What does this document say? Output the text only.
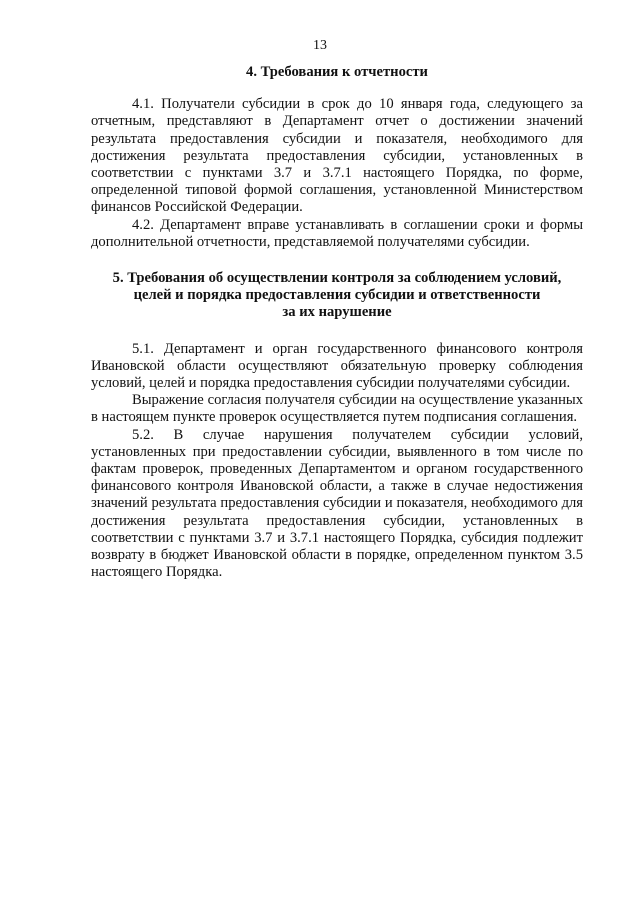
13
4. Требования к отчетности

4.1. Получатели субсидии в срок до 10 января года, следующего за отчетным, представляют в Департамент отчет о достижении значений результата предоставления субсидии и показателя, необходимого для достижения результата предоставления субсидии, установленных в соответствии с пунктами 3.7 и 3.7.1 настоящего Порядка, по форме, определенной типовой формой соглашения, установленной Министерством финансов Российской Федерации.

4.2. Департамент вправе устанавливать в соглашении сроки и формы дополнительной отчетности, представляемой получателями субсидии.

5. Требования об осуществлении контроля за соблюдением условий,
целей и порядка предоставления субсидии и ответственности
за их нарушение

5.1. Департамент и орган государственного финансового контроля Ивановской области осуществляют обязательную проверку соблюдения условий, целей и порядка предоставления субсидии получателями субсидии.

Выражение согласия получателя субсидии на осуществление указанных в настоящем пункте проверок осуществляется путем подписания соглашения.

5.2. В случае нарушения получателем субсидии условий, установленных при предоставлении субсидии, выявленного в том числе по фактам проверок, проведенных Департаментом и органом государственного финансового контроля Ивановской области, а также в случае недостижения значений результата предоставления субсидии и показателя, необходимого для достижения результата предоставления субсидии, установленных в соответствии с пунктами 3.7 и 3.7.1 настоящего Порядка, субсидия подлежит возврату в бюджет Ивановской области в порядке, определенном пунктом 3.5 настоящего Порядка.
